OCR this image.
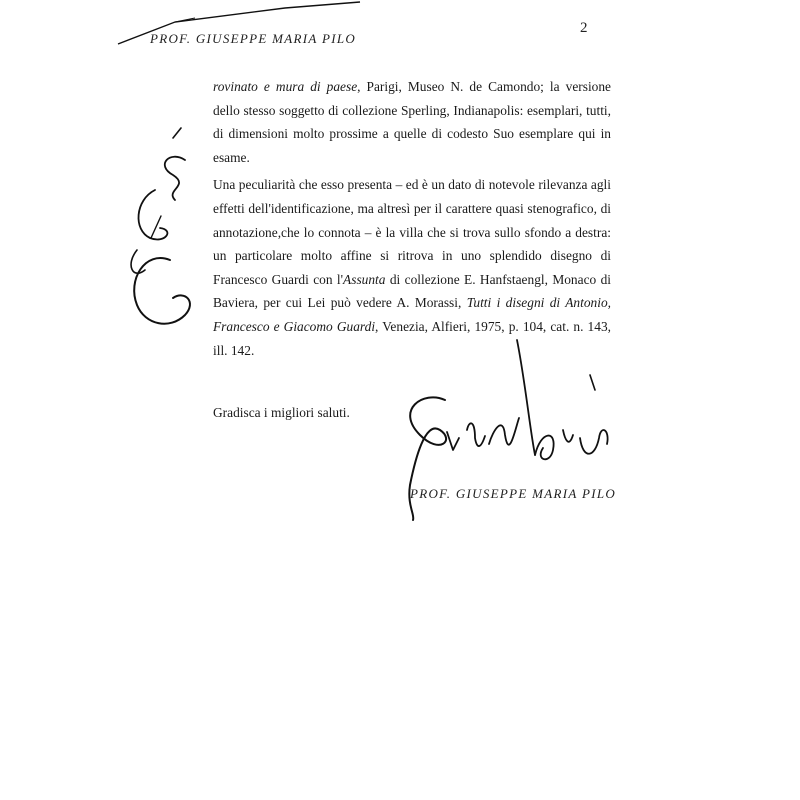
PROF. GIUSEPPE MARIA PILO
2

rovinato e mura di paese, Parigi, Museo N. de Camondo; la versione dello stesso soggetto di collezione Sperling, Indianapolis: esemplari, tutti, di dimensioni molto prossime a quelle di codesto Suo esemplare qui in esame.

Una peculiarità che esso presenta – ed è un dato di notevole rilevanza agli effetti dell'identificazione, ma altresì per il carattere quasi stenografico, di annotazione,che lo connota – è la villa che si trova sullo sfondo a destra: un particolare molto affine si ritrova in uno splendido disegno di Francesco Guardi con l'Assunta di collezione E. Hanfstaengl, Monaco di Baviera, per cui Lei può vedere A. Morassi, Tutti i disegni di Antonio, Francesco e Giacomo Guardi, Venezia, Alfieri, 1975, p. 104, cat. n. 143, ill. 142.

Gradisca i migliori saluti.

PROF. GIUSEPPE MARIA PILO
